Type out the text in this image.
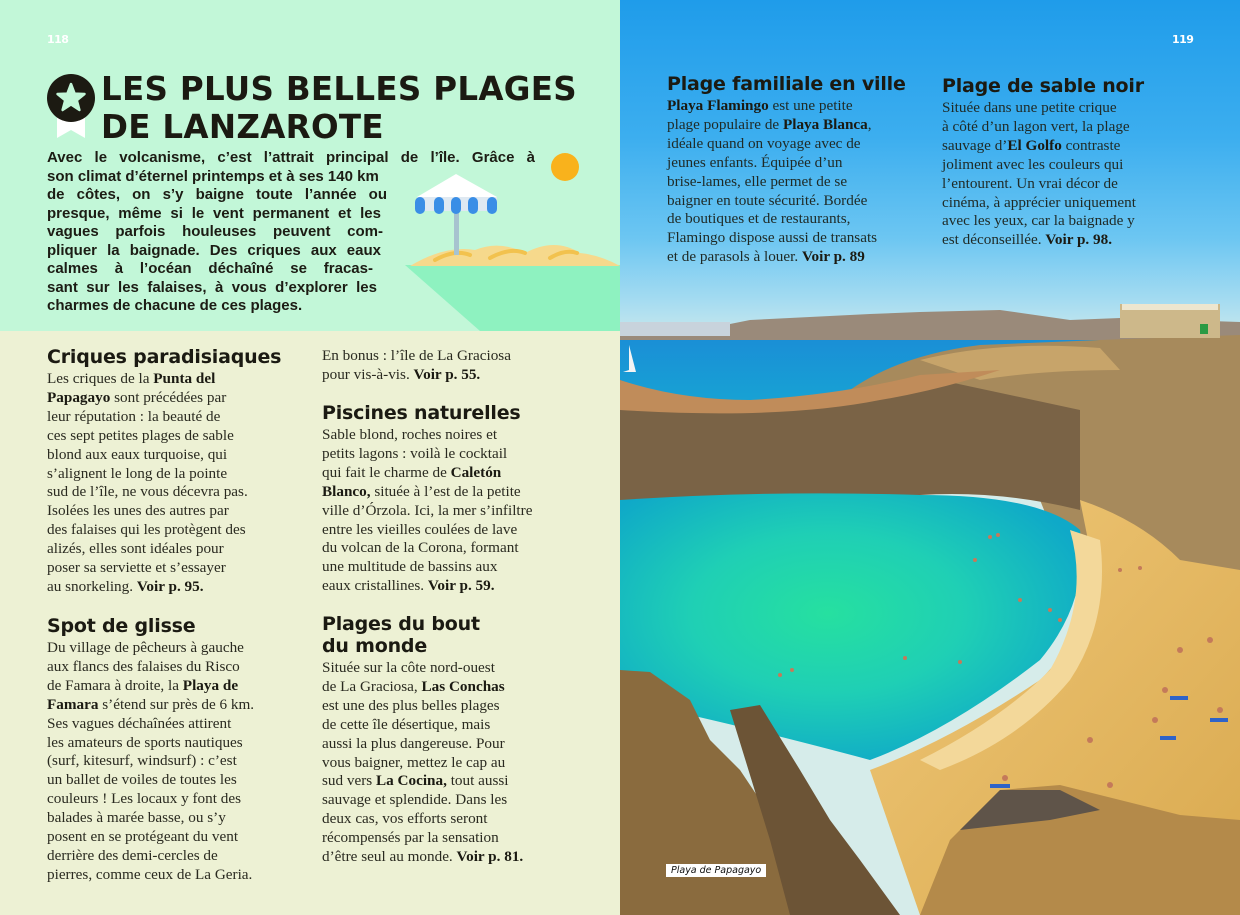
118
LES PLUS BELLES PLAGES
DE LANZAROTE
Avec le volcanisme, c’est l’attrait principal de l’île. Grâce à
son climat d’éternel printemps et à ses 140 km
de côtes, on s’y baigne toute l’année ou
presque, même si le vent permanent et les
vagues parfois houleuses peuvent com-
pliquer la baignade. Des criques aux eaux
calmes à l’océan déchaîné se fracas-
sant sur les falaises, à vous d’explorer les
charmes de chacune de ces plages.
Criques paradisiaques

Les criques de la Punta del
Papagayo sont précédées par
leur réputation : la beauté de
ces sept petites plages de sable
blond aux eaux turquoise, qui
s’alignent le long de la pointe
sud de l’île, ne vous décevra pas.
Isolées les unes des autres par
des falaises qui les protègent des
alizés, elles sont idéales pour
poser sa serviette et s’essayer
au snorkeling. Voir p. 95.

Spot de glisse

Du village de pêcheurs à gauche
aux flancs des falaises du Risco
de Famara à droite, la Playa de
Famara s’étend sur près de 6 km.
Ses vagues déchaînées attirent
les amateurs de sports nautiques
(surf, kitesurf, windsurf) : c’est
un ballet de voiles de toutes les
couleurs ! Les locaux y font des
balades à marée basse, ou s’y
posent en se protégeant du vent
derrière des demi-cercles de
pierres, comme ceux de La Geria.

En bonus : l’île de La Graciosa
pour vis-à-vis. Voir p. 55.

Piscines naturelles

Sable blond, roches noires et
petits lagons : voilà le cocktail
qui fait le charme de Caletón
Blanco, située à l’est de la petite
ville d’Órzola. Ici, la mer s’infiltre
entre les vieilles coulées de lave
du volcan de la Corona, formant
une multitude de bassins aux
eaux cristallines. Voir p. 59.

Plages du bout
du monde

Située sur la côte nord-ouest
de La Graciosa, Las Conchas
est une des plus belles plages
de cette île désertique, mais
aussi la plus dangereuse. Pour
vous baigner, mettez le cap au
sud vers La Cocina, tout aussi
sauvage et splendide. Dans les
deux cas, vos efforts seront
récompensés par la sensation
d’être seul au monde. Voir p. 81.

119
Plage familiale en ville

Playa Flamingo est une petite
plage populaire de Playa Blanca,
idéale quand on voyage avec de
jeunes enfants. Équipée d’un
brise-lames, elle permet de se
baigner en toute sécurité. Bordée
de boutiques et de restaurants,
Flamingo dispose aussi de transats
et de parasols à louer. Voir p. 89

Plage de sable noir

Située dans une petite crique
à côté d’un lagon vert, la plage
sauvage d’El Golfo contraste
joliment avec les couleurs qui
l’entourent. Un vrai décor de
cinéma, à apprécier uniquement
avec les yeux, car la baignade y
est déconseillée. Voir p. 98.

Playa de Papagayo
